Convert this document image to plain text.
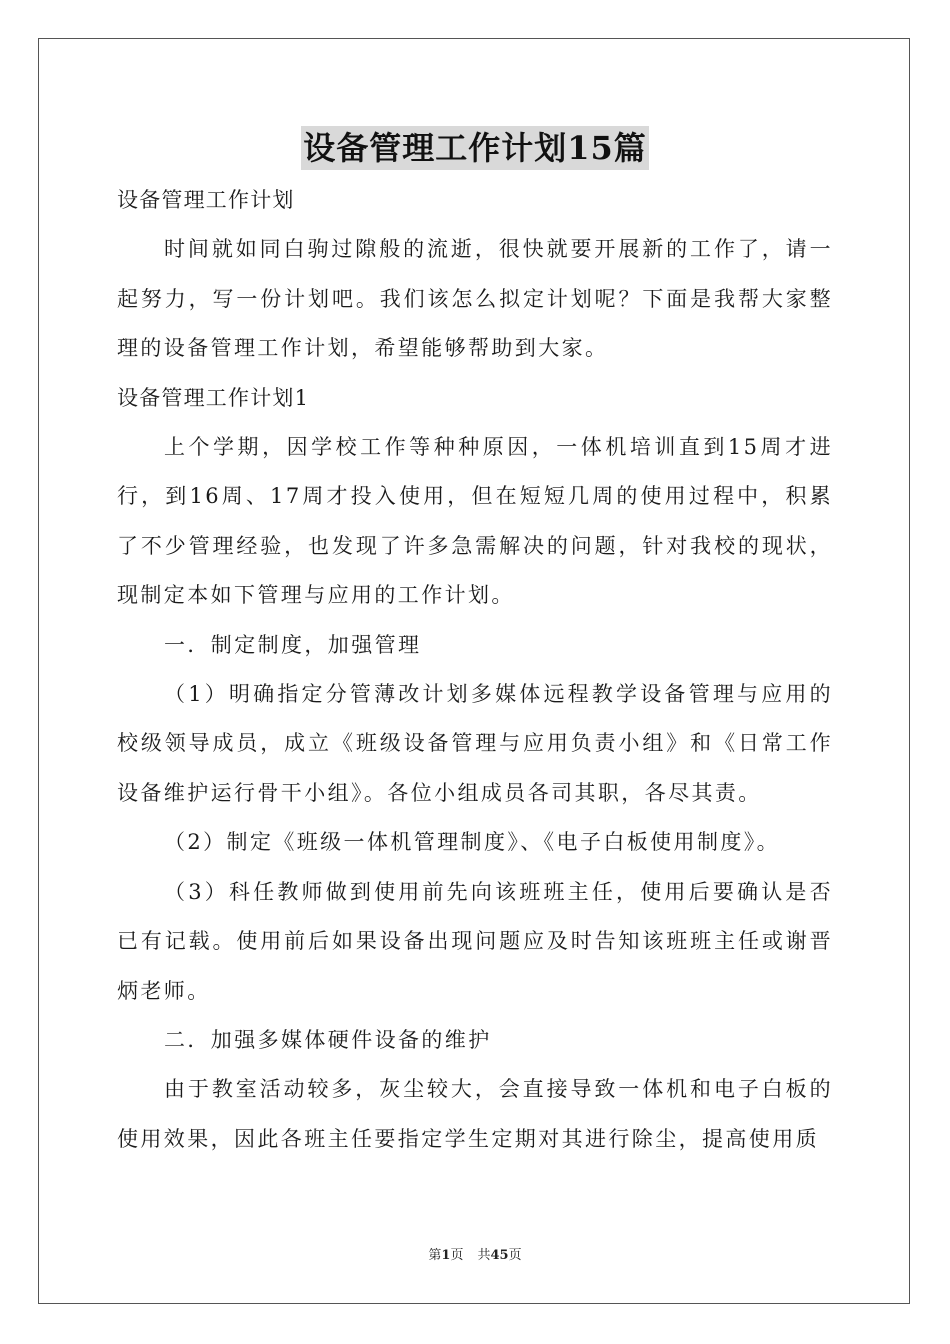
设备管理工作计划15篇

设备管理工作计划

时间就如同白驹过隙般的流逝，很快就要开展新的工作了，请一起努力，写一份计划吧。我们该怎么拟定计划呢？下面是我帮大家整理的设备管理工作计划，希望能够帮助到大家。

设备管理工作计划1

上个学期，因学校工作等种种原因，一体机培训直到15周才进行，到16周、17周才投入使用，但在短短几周的使用过程中，积累了不少管理经验，也发现了许多急需解决的问题，针对我校的现状，现制定本如下管理与应用的工作计划。

一．制定制度，加强管理

（1）明确指定分管薄改计划多媒体远程教学设备管理与应用的校级领导成员，成立《班级设备管理与应用负责小组》和《日常工作设备维护运行骨干小组》。各位小组成员各司其职，各尽其责。

（2）制定《班级一体机管理制度》、《电子白板使用制度》。

（3）科任教师做到使用前先向该班班主任，使用后要确认是否已有记载。使用前后如果设备出现问题应及时告知该班班主任或谢晋炳老师。

二．加强多媒体硬件设备的维护

由于教室活动较多，灰尘较大，会直接导致一体机和电子白板的使用效果，因此各班主任要指定学生定期对其进行除尘，提高使用质

第1页 共45页
